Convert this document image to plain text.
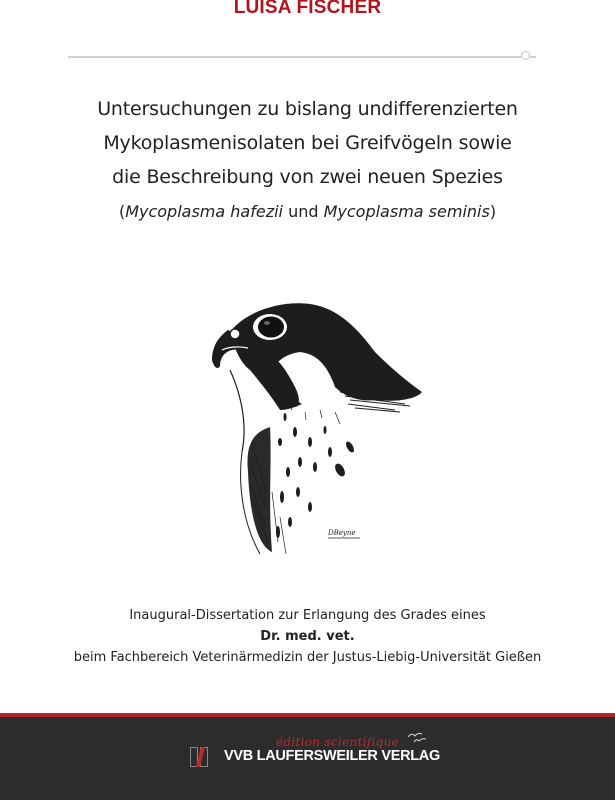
LUISA FISCHER
Untersuchungen zu bislang undifferenzierten
Mykoplasmenisolaten bei Greifvögeln sowie
die Beschreibung von zwei neuen Spezies
(Mycoplasma hafezii und Mycoplasma seminis)
DBeyne
Inaugural-Dissertation zur Erlangung des Grades eines
Dr. med. vet.
beim Fachbereich Veterinärmedizin der Justus-Liebig-Universität Gießen
édition scientifique
VVB LAUFERSWEILER VERLAG
